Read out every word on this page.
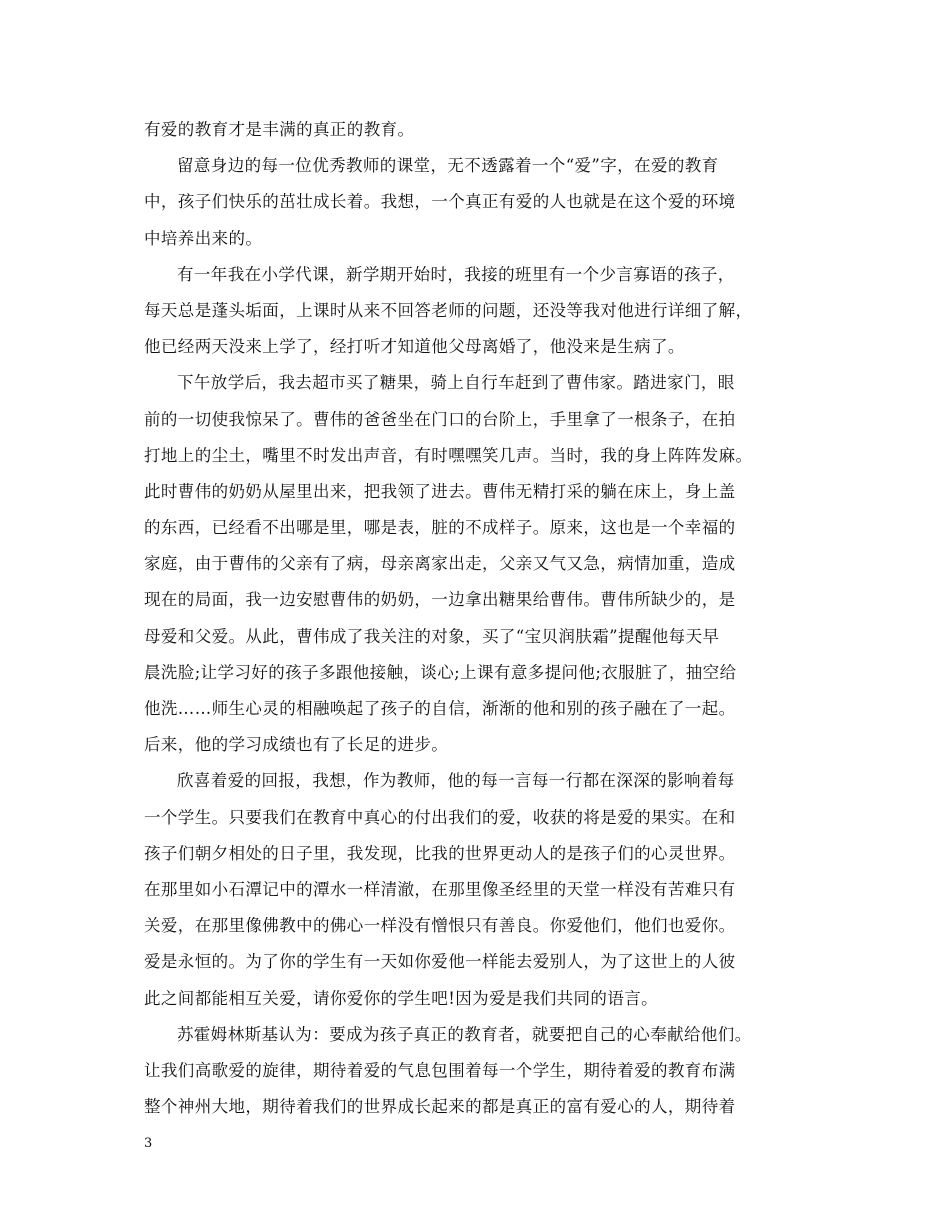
有爱的教育才是丰满的真正的教育。
留意身边的每一位优秀教师的课堂，无不透露着一个“爱”字，在爱的教育
中，孩子们快乐的茁壮成长着。我想，一个真正有爱的人也就是在这个爱的环境
中培养出来的。
有一年我在小学代课，新学期开始时，我接的班里有一个少言寡语的孩子，
每天总是蓬头垢面，上课时从来不回答老师的问题，还没等我对他进行详细了解，
他已经两天没来上学了，经打听才知道他父母离婚了，他没来是生病了。
下午放学后，我去超市买了糖果，骑上自行车赶到了曹伟家。踏进家门，眼
前的一切使我惊呆了。曹伟的爸爸坐在门口的台阶上，手里拿了一根条子，在拍
打地上的尘土，嘴里不时发出声音，有时嘿嘿笑几声。当时，我的身上阵阵发麻。
此时曹伟的奶奶从屋里出来，把我领了进去。曹伟无精打采的躺在床上，身上盖
的东西，已经看不出哪是里，哪是表，脏的不成样子。原来，这也是一个幸福的
家庭，由于曹伟的父亲有了病，母亲离家出走，父亲又气又急，病情加重，造成
现在的局面，我一边安慰曹伟的奶奶，一边拿出糖果给曹伟。曹伟所缺少的，是
母爱和父爱。从此，曹伟成了我关注的对象，买了“宝贝润肤霜”提醒他每天早
晨洗脸;让学习好的孩子多跟他接触，谈心;上课有意多提问他;衣服脏了，抽空给
他洗……师生心灵的相融唤起了孩子的自信，渐渐的他和别的孩子融在了一起。
后来，他的学习成绩也有了长足的进步。
欣喜着爱的回报，我想，作为教师，他的每一言每一行都在深深的影响着每
一个学生。只要我们在教育中真心的付出我们的爱，收获的将是爱的果实。在和
孩子们朝夕相处的日子里，我发现，比我的世界更动人的是孩子们的心灵世界。
在那里如小石潭记中的潭水一样清澈，在那里像圣经里的天堂一样没有苦难只有
关爱，在那里像佛教中的佛心一样没有憎恨只有善良。你爱他们，他们也爱你。
爱是永恒的。为了你的学生有一天如你爱他一样能去爱别人，为了这世上的人彼
此之间都能相互关爱，请你爱你的学生吧!因为爱是我们共同的语言。
苏霍姆林斯基认为：要成为孩子真正的教育者，就要把自己的心奉献给他们。
让我们高歌爱的旋律，期待着爱的气息包围着每一个学生，期待着爱的教育布满
整个神州大地，期待着我们的世界成长起来的都是真正的富有爱心的人，期待着
3
